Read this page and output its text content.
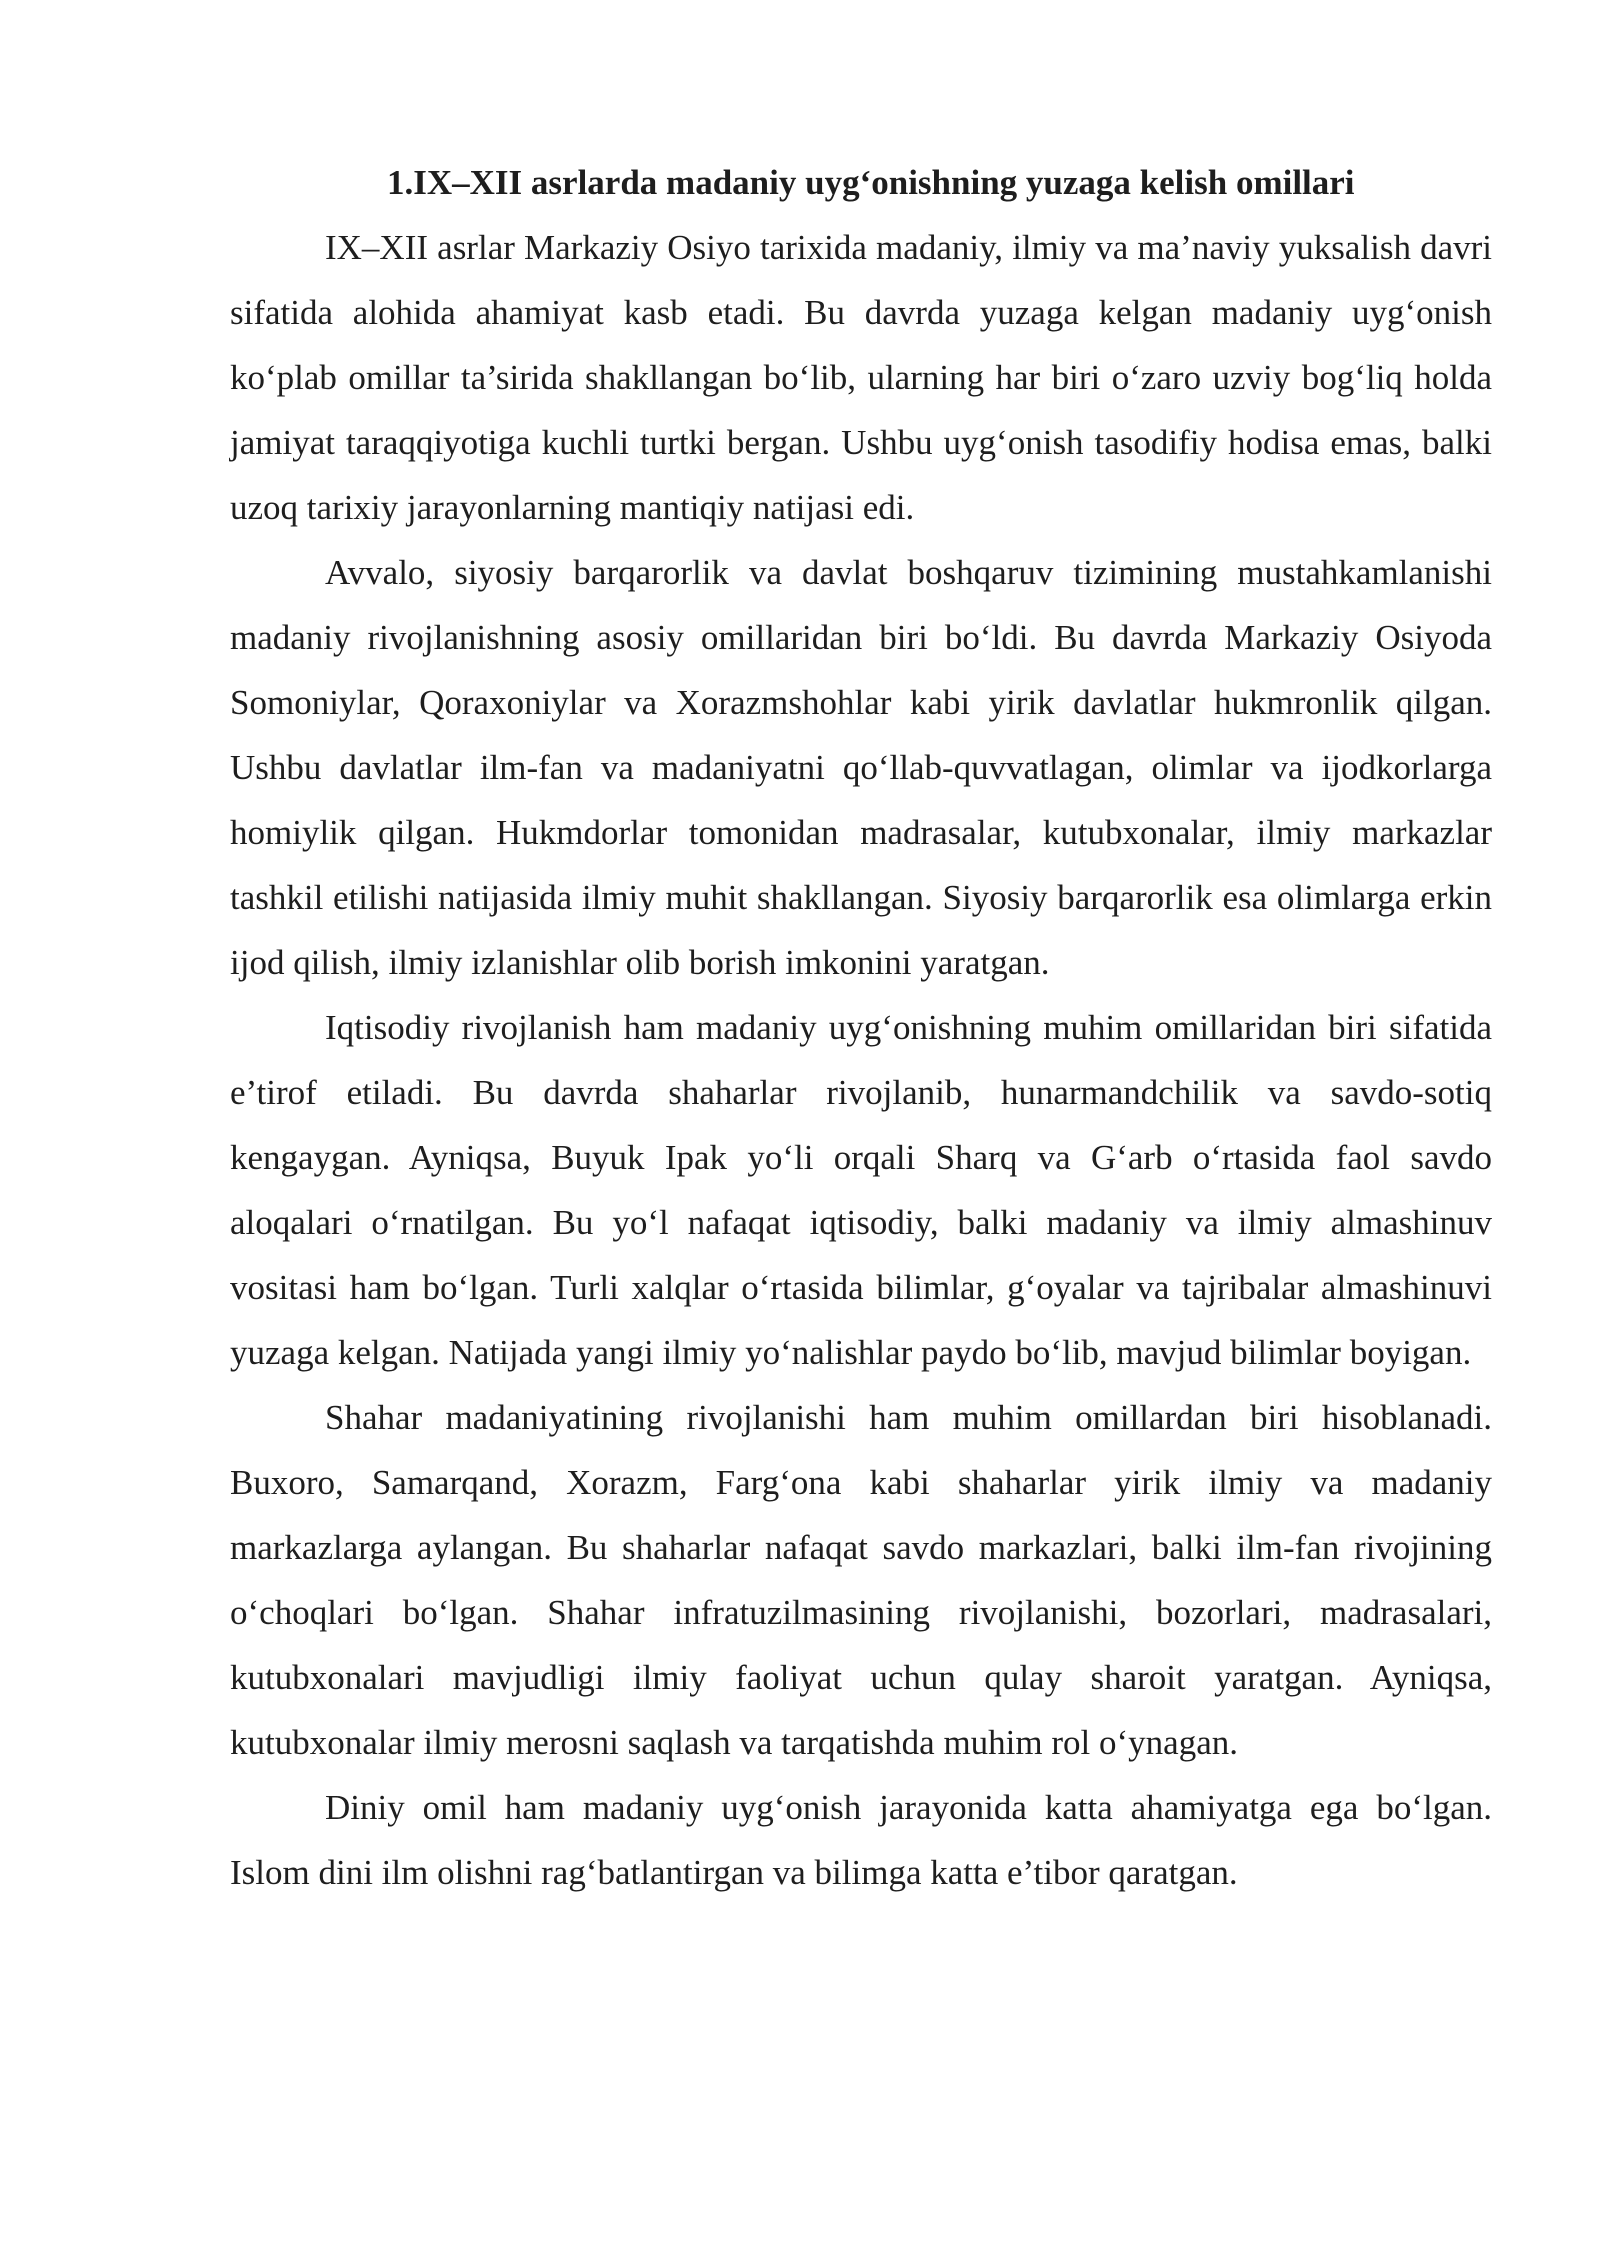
1.IX–XII asrlarda madaniy uyg‘onishning yuzaga kelish omillari

IX–XII asrlar Markaziy Osiyo tarixida madaniy, ilmiy va ma’naviy yuksalish davri sifatida alohida ahamiyat kasb etadi. Bu davrda yuzaga kelgan madaniy uyg‘onish ko‘plab omillar ta’sirida shakllangan bo‘lib, ularning har biri o‘zaro uzviy bog‘liq holda jamiyat taraqqiyotiga kuchli turtki bergan. Ushbu uyg‘onish tasodifiy hodisa emas, balki uzoq tarixiy jarayonlarning mantiqiy natijasi edi.

Avvalo, siyosiy barqarorlik va davlat boshqaruv tizimining mustahkamlanishi madaniy rivojlanishning asosiy omillaridan biri bo‘ldi. Bu davrda Markaziy Osiyoda Somoniylar, Qoraxoniylar va Xorazmshohlar kabi yirik davlatlar hukmronlik qilgan. Ushbu davlatlar ilm-fan va madaniyatni qo‘llab-quvvatlagan, olimlar va ijodkorlarga homiylik qilgan. Hukmdorlar tomonidan madrasalar, kutubxonalar, ilmiy markazlar tashkil etilishi natijasida ilmiy muhit shakllangan. Siyosiy barqarorlik esa olimlarga erkin ijod qilish, ilmiy izlanishlar olib borish imkonini yaratgan.

Iqtisodiy rivojlanish ham madaniy uyg‘onishning muhim omillaridan biri sifatida e’tirof etiladi. Bu davrda shaharlar rivojlanib, hunarmandchilik va savdo-sotiq kengaygan. Ayniqsa, Buyuk Ipak yo‘li orqali Sharq va G‘arb o‘rtasida faol savdo aloqalari o‘rnatilgan. Bu yo‘l nafaqat iqtisodiy, balki madaniy va ilmiy almashinuv vositasi ham bo‘lgan. Turli xalqlar o‘rtasida bilimlar, g‘oyalar va tajribalar almashinuvi yuzaga kelgan. Natijada yangi ilmiy yo‘nalishlar paydo bo‘lib, mavjud bilimlar boyigan.

Shahar madaniyatining rivojlanishi ham muhim omillardan biri hisoblanadi. Buxoro, Samarqand, Xorazm, Farg‘ona kabi shaharlar yirik ilmiy va madaniy markazlarga aylangan. Bu shaharlar nafaqat savdo markazlari, balki ilm-fan rivojining o‘choqlari bo‘lgan. Shahar infratuzilmasining rivojlanishi, bozorlari, madrasalari, kutubxonalari mavjudligi ilmiy faoliyat uchun qulay sharoit yaratgan. Ayniqsa, kutubxonalar ilmiy merosni saqlash va tarqatishda muhim rol o‘ynagan.

Diniy omil ham madaniy uyg‘onish jarayonida katta ahamiyatga ega bo‘lgan. Islom dini ilm olishni rag‘batlantirgan va bilimga katta e’tibor qaratgan.
